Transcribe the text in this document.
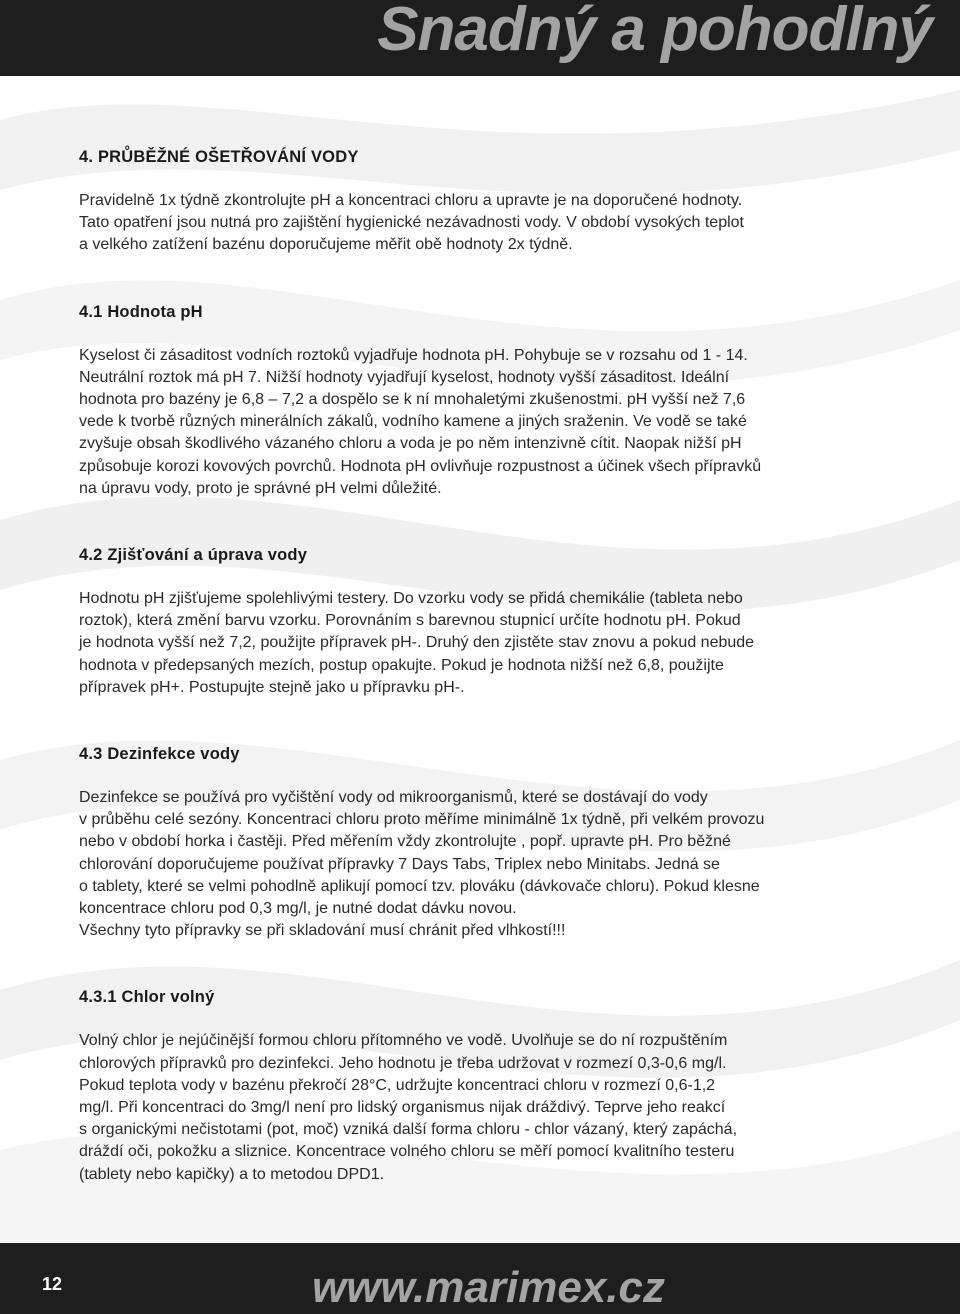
Snadný a pohodlný
4. PRŮBĚŽNÉ OŠETŘOVÁNÍ VODY

Pravidelně 1x týdně zkontrolujte pH a koncentraci chloru a upravte je na doporučené hodnoty.

Tato opatření jsou nutná pro zajištění hygienické nezávadnosti vody. V období vysokých teplot

a velkého zatížení bazénu doporučujeme měřit obě hodnoty 2x týdně.

4.1 Hodnota pH

Kyselost či zásaditost vodních roztoků vyjadřuje hodnota pH. Pohybuje se v rozsahu od 1 - 14.

Neutrální roztok má pH 7. Nižší hodnoty vyjadřují kyselost, hodnoty vyšší zásaditost. Ideální

hodnota pro bazény je 6,8 – 7,2 a dospělo se k ní mnohaletými zkušenostmi. pH vyšší než 7,6

vede k tvorbě různých minerálních zákalů, vodního kamene a jiných sraženin. Ve vodě se také

zvyšuje obsah škodlivého vázaného chloru a voda je po něm intenzivně cítit. Naopak nižší pH

způsobuje korozi kovových povrchů. Hodnota pH ovlivňuje rozpustnost a účinek všech přípravků

na úpravu vody, proto je správné pH velmi důležité.

4.2 Zjišťování a úprava vody

Hodnotu pH zjišťujeme spolehlivými testery. Do vzorku vody se přidá chemikálie (tableta nebo

roztok), která změní barvu vzorku. Porovnáním s barevnou stupnicí určíte hodnotu pH. Pokud

je hodnota vyšší než 7,2, použijte přípravek pH-. Druhý den zjistěte stav znovu a pokud nebude

hodnota v předepsaných mezích, postup opakujte. Pokud je hodnota nižší než 6,8, použijte

přípravek pH+. Postupujte stejně jako u přípravku pH-.

4.3 Dezinfekce vody

Dezinfekce se používá pro vyčištění vody od mikroorganismů, které se dostávají do vody

v průběhu celé sezóny. Koncentraci chloru proto měříme minimálně 1x týdně, při velkém provozu

nebo v období horka i častěji. Před měřením vždy zkontrolujte , popř. upravte pH. Pro běžné

chlorování doporučujeme používat přípravky 7 Days Tabs, Triplex nebo Minitabs. Jedná se

o tablety, které se velmi pohodlně aplikují pomocí tzv. plováku (dávkovače chloru). Pokud klesne

koncentrace chloru pod 0,3 mg/l, je nutné dodat dávku novou.

Všechny tyto přípravky se při skladování musí chránit před vlhkostí!!!

4.3.1 Chlor volný

Volný chlor je nejúčinější formou chloru přítomného ve vodě. Uvolňuje se do ní rozpuštěním

chlorových přípravků pro dezinfekci. Jeho hodnotu je třeba udržovat v rozmezí 0,3-0,6 mg/l.

Pokud teplota vody v bazénu překročí 28°C, udržujte koncentraci chloru v rozmezí 0,6-1,2

mg/l. Při koncentraci do 3mg/l není pro lidský organismus nijak dráždivý. Teprve jeho reakcí

s organickými nečistotami (pot, moč) vzniká další forma chloru - chlor vázaný, který zapáchá,

dráždí oči, pokožku a sliznice. Koncentrace volného chloru se měří pomocí kvalitního testeru

(tablety nebo kapičky) a to metodou DPD1.

12	www.marimex.cz
